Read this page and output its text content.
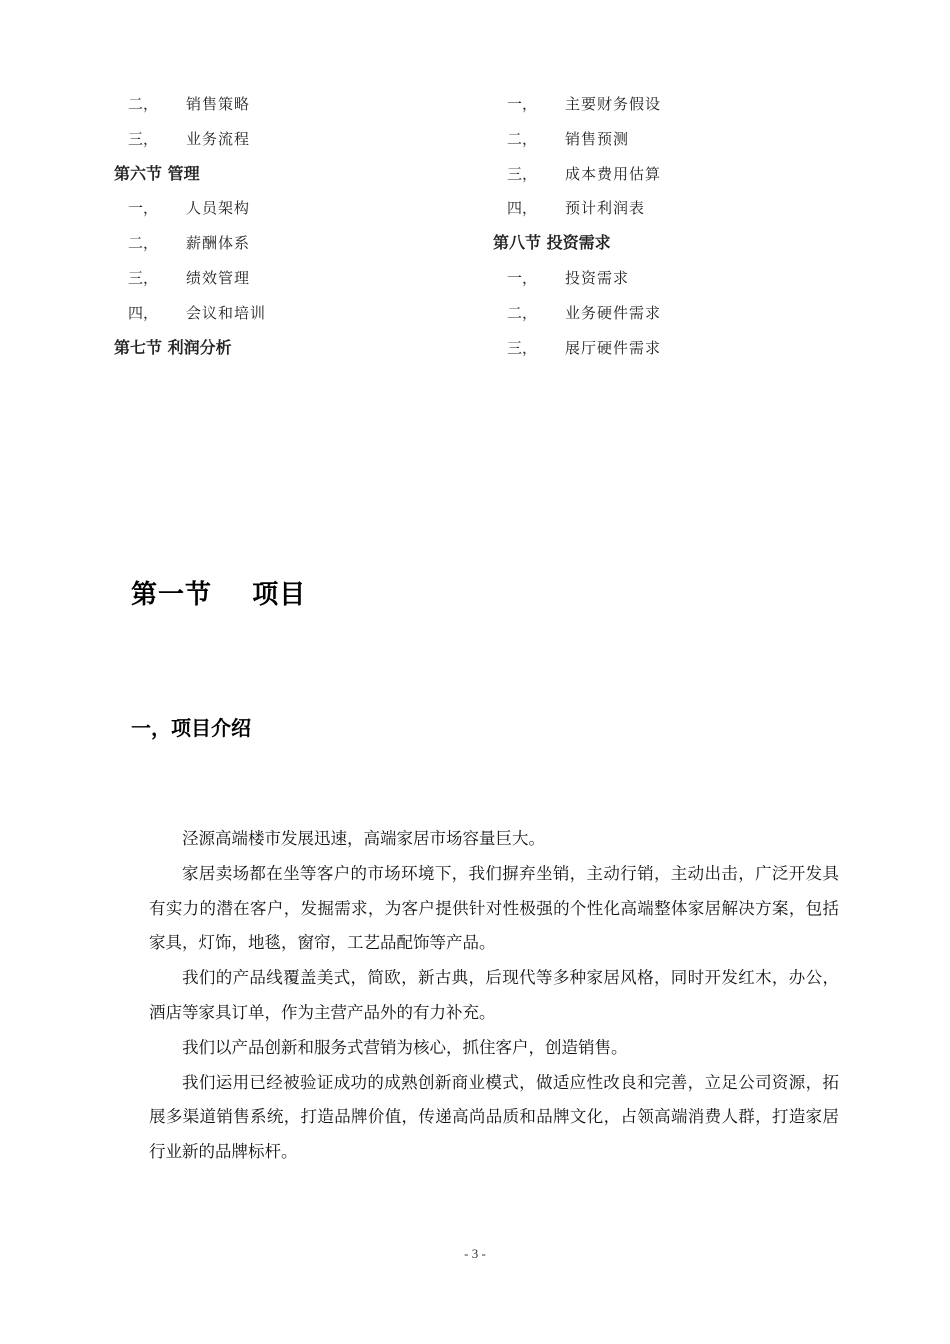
二， 销售策略
三， 业务流程
第六节 管理
一， 人员架构
二， 薪酬体系
三， 绩效管理
四， 会议和培训
第七节 利润分析
一， 主要财务假设
二， 销售预测
三， 成本费用估算
四， 预计利润表
第八节 投资需求
一， 投资需求
二， 业务硬件需求
三， 展厅硬件需求
第一节    项目
一，项目介绍

泾源高端楼市发展迅速，高端家居市场容量巨大。

家居卖场都在坐等客户的市场环境下，我们摒弃坐销，主动行销，主动出击，广泛开发具有实力的潜在客户，发掘需求，为客户提供针对性极强的个性化高端整体家居解决方案，包括家具，灯饰，地毯，窗帘，工艺品配饰等产品。

我们的产品线覆盖美式，简欧，新古典，后现代等多种家居风格，同时开发红木，办公，酒店等家具订单，作为主营产品外的有力补充。

我们以产品创新和服务式营销为核心，抓住客户，创造销售。

我们运用已经被验证成功的成熟创新商业模式，做适应性改良和完善，立足公司资源，拓展多渠道销售系统，打造品牌价值，传递高尚品质和品牌文化，占领高端消费人群，打造家居行业新的品牌标杆。

- 3 -
